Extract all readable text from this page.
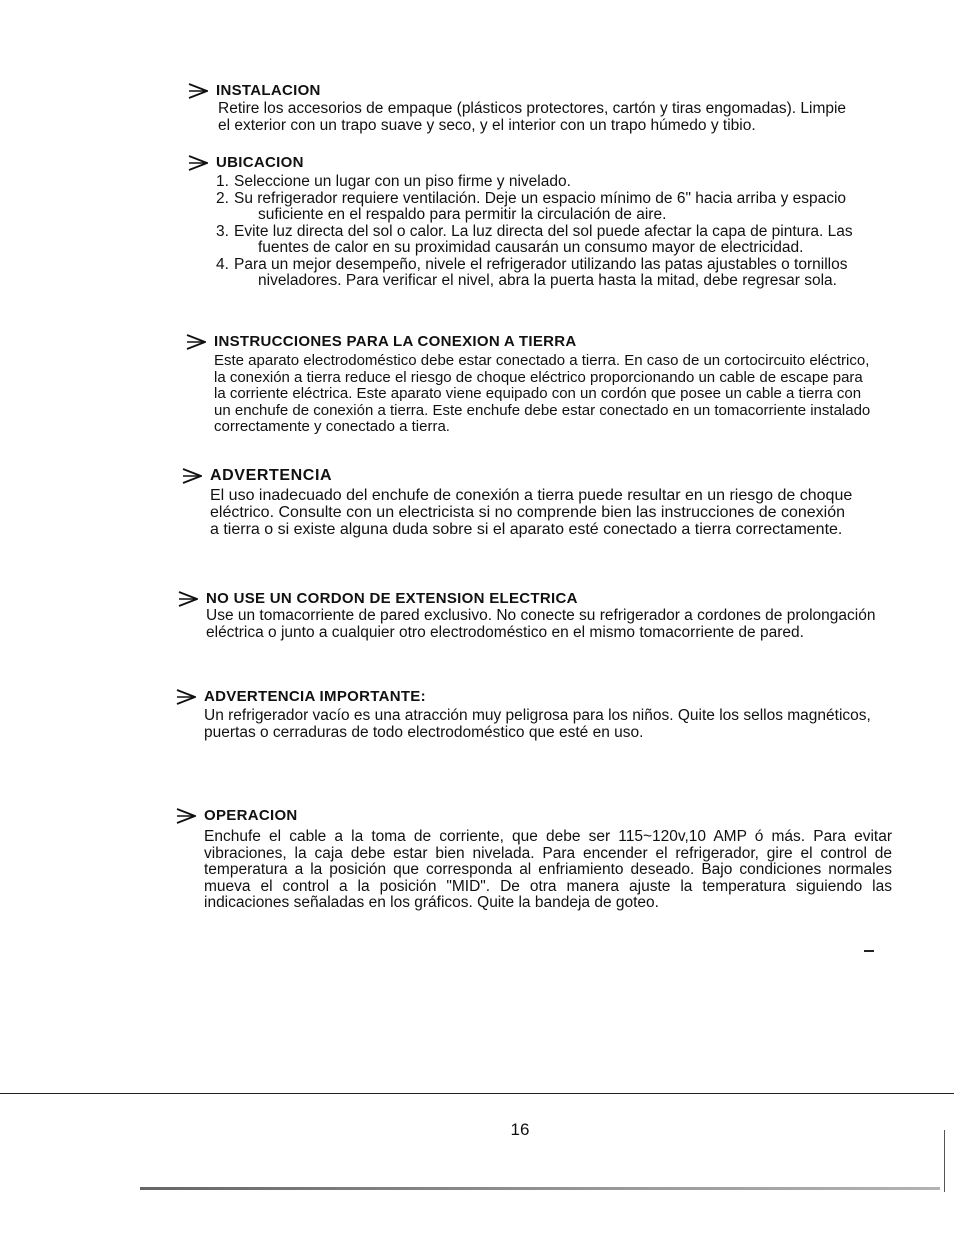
INSTALACION

Retire los accesorios de empaque (plásticos protectores, cartón y tiras engomadas). Limpie

el exterior con un trapo suave y seco, y el interior con un trapo húmedo y tibio.

UBICACION
1. Seleccione un lugar con un piso firme y nivelado.
2. Su refrigerador requiere ventilación. Deje un espacio mínimo de 6" hacia arriba y espacio
suficiente en el respaldo para permitir la circulación de aire.
3. Evite luz directa del sol o calor. La luz directa del sol puede afectar la capa de pintura. Las
fuentes de calor en su proximidad causarán un consumo mayor de electricidad.
4. Para un mejor desempeño, nivele el refrigerador utilizando las patas ajustables o tornillos
niveladores. Para verificar el nivel, abra la puerta hasta la mitad, debe regresar sola.
INSTRUCCIONES PARA LA CONEXION A TIERRA

Este aparato electrodoméstico debe estar conectado a tierra. En caso de un cortocircuito eléctrico,

la conexión a tierra reduce el riesgo de choque eléctrico proporcionando un cable de escape para

la corriente eléctrica. Este aparato viene equipado con un cordón que posee un cable a tierra con

un enchufe de conexión a tierra. Este enchufe debe estar conectado en un tomacorriente instalado

correctamente y conectado a tierra.

ADVERTENCIA

El uso inadecuado del enchufe de conexión a tierra puede resultar en un riesgo de choque

eléctrico. Consulte con un electricista si no comprende bien las instrucciones de conexión

a tierra o si existe alguna duda sobre si el aparato esté conectado a tierra correctamente.

NO USE UN CORDON DE EXTENSION ELECTRICA

Use un tomacorriente de pared exclusivo. No conecte su refrigerador a cordones de prolongación

eléctrica o junto a cualquier otro electrodoméstico en el mismo tomacorriente de pared.

ADVERTENCIA IMPORTANTE:

Un refrigerador vacío es una atracción muy peligrosa para los niños. Quite los sellos magnéticos,

puertas o cerraduras de todo electrodoméstico que esté en uso.

OPERACION

Enchufe el cable a la toma de corriente, que debe ser 115~120v,10 AMP ó más. Para evitar

vibraciones, la caja debe estar bien nivelada. Para encender el refrigerador, gire el control de

temperatura a la posición que corresponda al enfriamiento deseado. Bajo condiciones normales

mueva el control a la posición "MID". De otra manera ajuste la temperatura siguiendo las

indicaciones señaladas en los gráficos. Quite la bandeja de goteo.

16
